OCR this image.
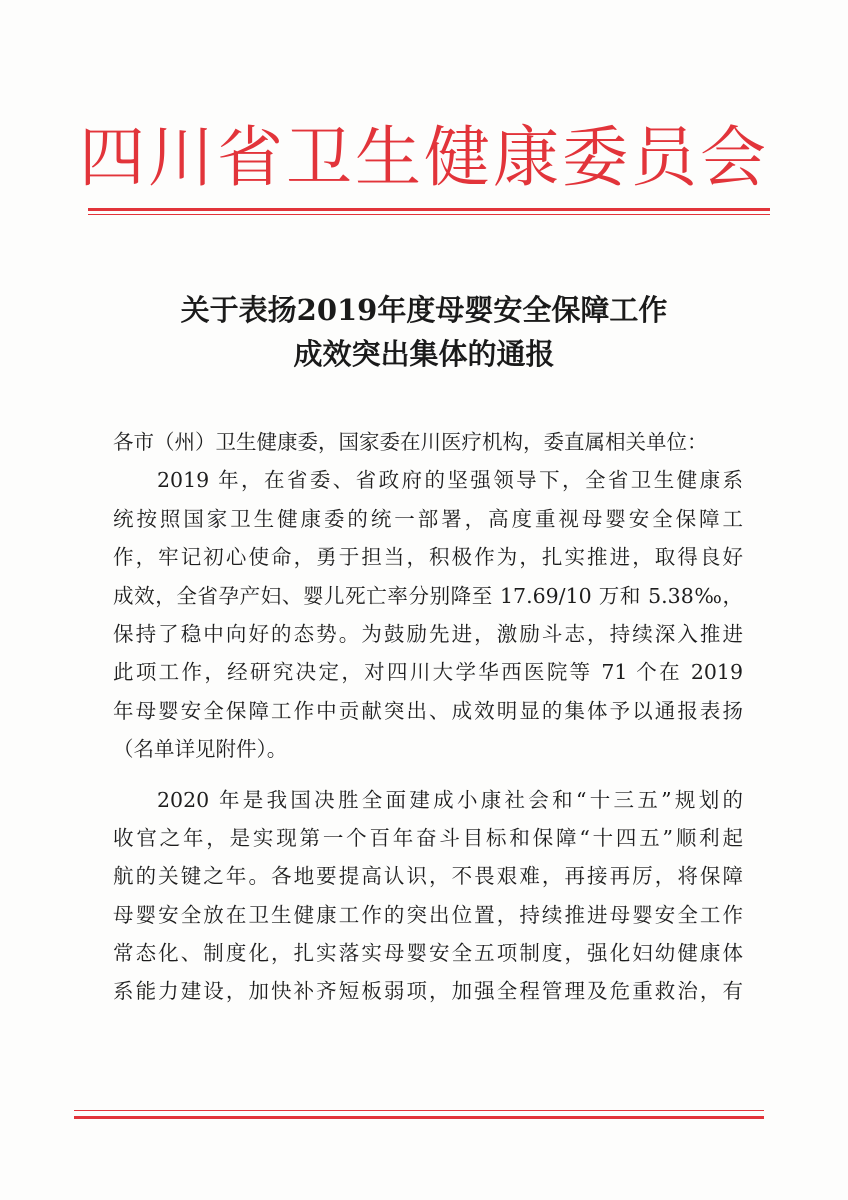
四川省卫生健康委员会
关于表扬2019年度母婴安全保障工作
成效突出集体的通报
各市（州）卫生健康委，国家委在川医疗机构，委直属相关单位：
2019 年，在省委、省政府的坚强领导下，全省卫生健康系
统按照国家卫生健康委的统一部署，高度重视母婴安全保障工
作，牢记初心使命，勇于担当，积极作为，扎实推进，取得良好
成效，全省孕产妇、婴儿死亡率分别降至 17.69/10 万和 5.38‰，
保持了稳中向好的态势。为鼓励先进，激励斗志，持续深入推进
此项工作，经研究决定，对四川大学华西医院等 71 个在 2019
年母婴安全保障工作中贡献突出、成效明显的集体予以通报表扬
（名单详见附件）。
2020 年是我国决胜全面建成小康社会和“十三五”规划的
收官之年，是实现第一个百年奋斗目标和保障“十四五”顺利起
航的关键之年。各地要提高认识，不畏艰难，再接再厉，将保障
母婴安全放在卫生健康工作的突出位置，持续推进母婴安全工作
常态化、制度化，扎实落实母婴安全五项制度，强化妇幼健康体
系能力建设，加快补齐短板弱项，加强全程管理及危重救治，有
